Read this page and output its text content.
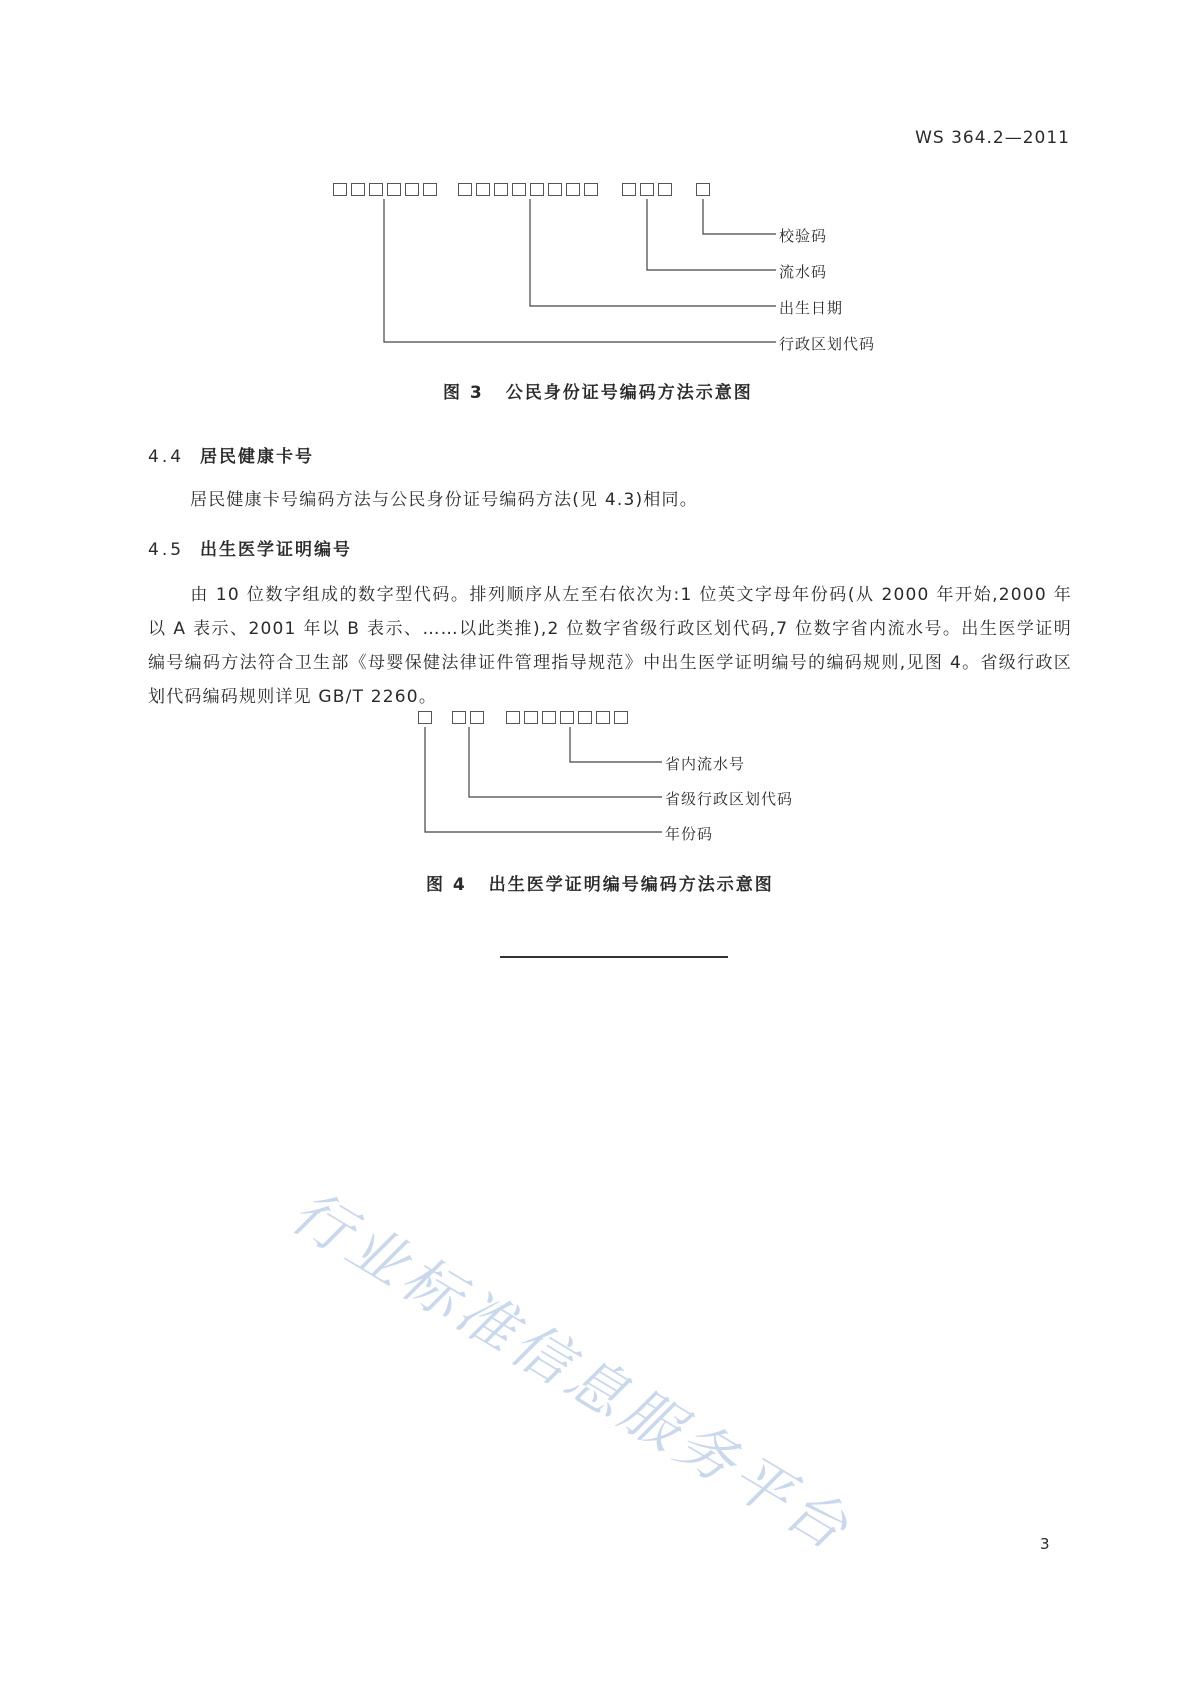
WS 364.2—2011
校验码
流水码
出生日期
行政区划代码
图 3 公民身份证号编码方法示意图
4.4 居民健康卡号
居民健康卡号编码方法与公民身份证号编码方法(见 4.3)相同。
4.5 出生医学证明编号
由 10 位数字组成的数字型代码。排列顺序从左至右依次为:1 位英文字母年份码(从 2000 年开始,2000 年以 A 表示、2001 年以 B 表示、……以此类推),2 位数字省级行政区划代码,7 位数字省内流水号。出生医学证明编号编码方法符合卫生部《母婴保健法律证件管理指导规范》中出生医学证明编号的编码规则,见图 4。省级行政区划代码编码规则详见 GB/T 2260。
省内流水号
省级行政区划代码
年份码
图 4 出生医学证明编号编码方法示意图
行业标准信息服务平台	3
